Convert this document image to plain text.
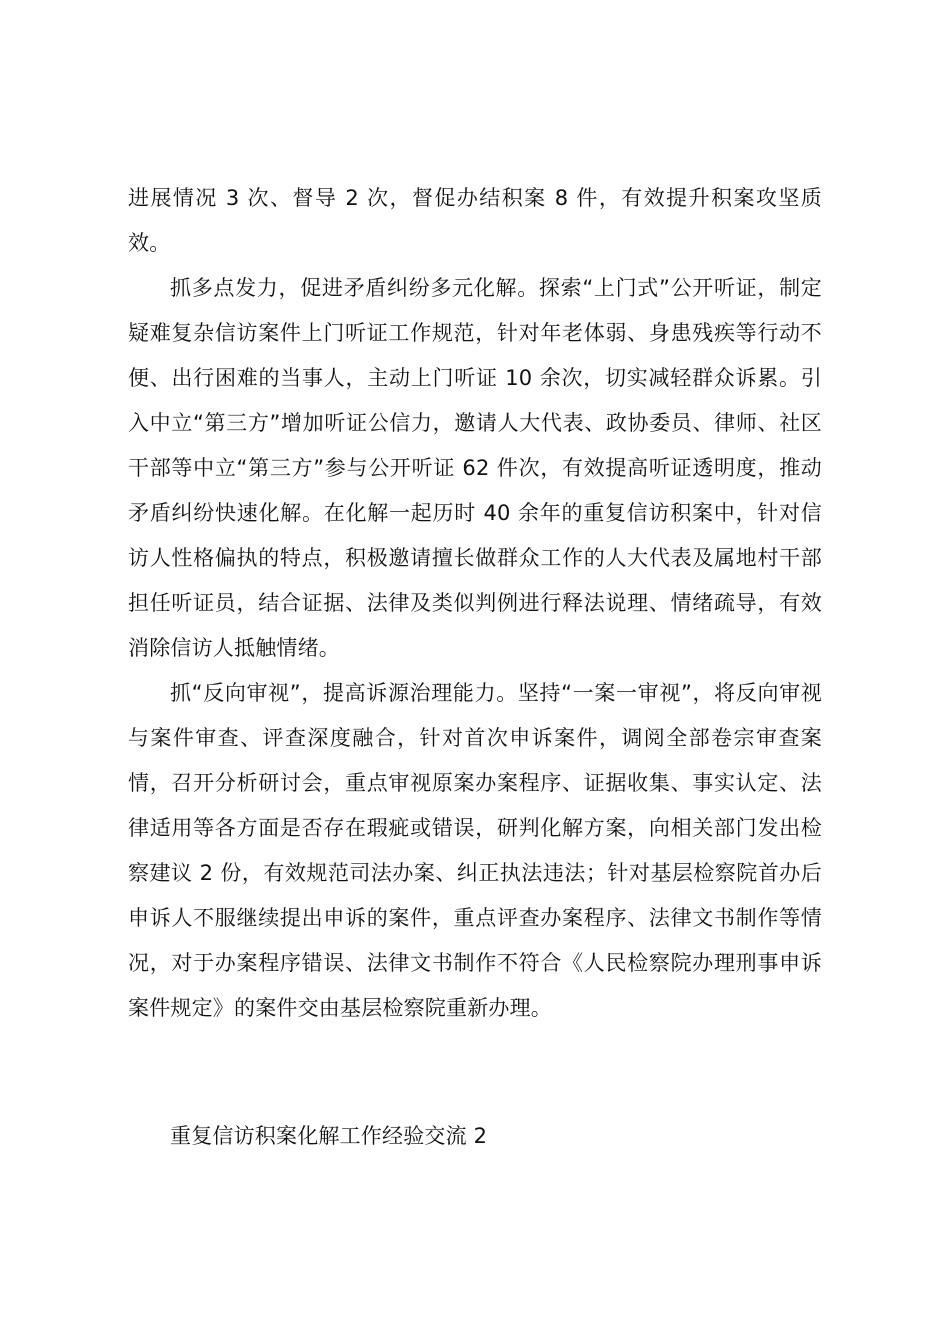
进展情况 3 次、督导 2 次，督促办结积案 8 件，有效提升积案攻坚质效。

抓多点发力，促进矛盾纠纷多元化解。探索“上门式”公开听证，制定疑难复杂信访案件上门听证工作规范，针对年老体弱、身患残疾等行动不便、出行困难的当事人，主动上门听证 10 余次，切实减轻群众诉累。引入中立“第三方”增加听证公信力，邀请人大代表、政协委员、律师、社区干部等中立“第三方”参与公开听证 62 件次，有效提高听证透明度，推动矛盾纠纷快速化解。在化解一起历时 40 余年的重复信访积案中，针对信访人性格偏执的特点，积极邀请擅长做群众工作的人大代表及属地村干部担任听证员，结合证据、法律及类似判例进行释法说理、情绪疏导，有效消除信访人抵触情绪。

抓“反向审视”，提高诉源治理能力。坚持“一案一审视”，将反向审视与案件审查、评查深度融合，针对首次申诉案件，调阅全部卷宗审查案情，召开分析研讨会，重点审视原案办案程序、证据收集、事实认定、法律适用等各方面是否存在瑕疵或错误，研判化解方案，向相关部门发出检察建议 2 份，有效规范司法办案、纠正执法违法；针对基层检察院首办后申诉人不服继续提出申诉的案件，重点评查办案程序、法律文书制作等情况，对于办案程序错误、法律文书制作不符合《人民检察院办理刑事申诉案件规定》的案件交由基层检察院重新办理。

重复信访积案化解工作经验交流 2
